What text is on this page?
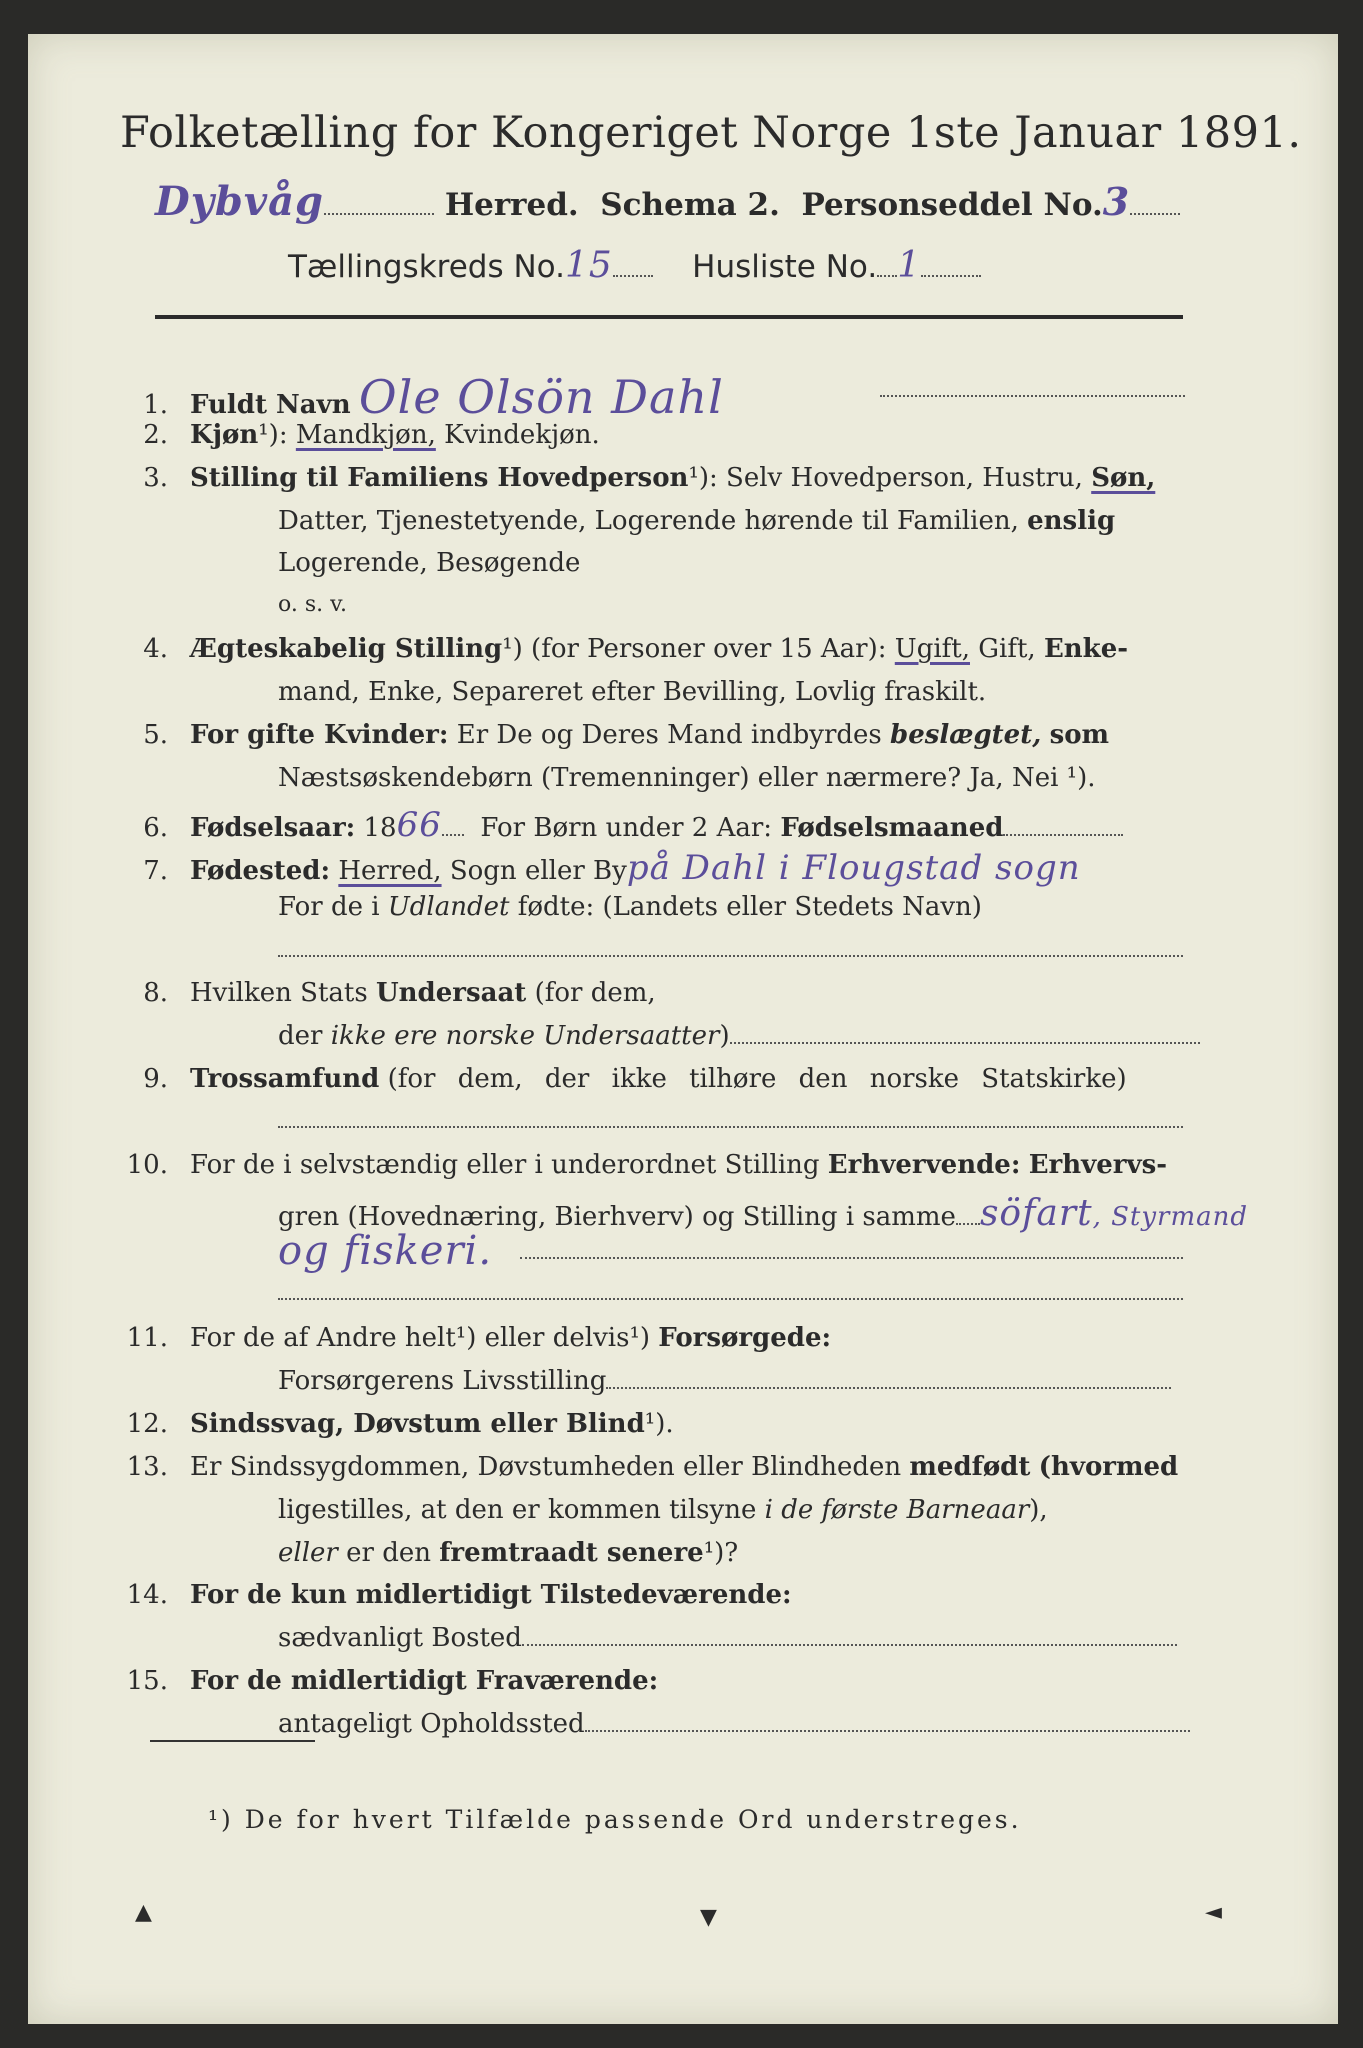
Folketælling for Kongeriget Norge 1ste Januar 1891.
Dybvåg	Herred. Schema 2. Personseddel No.3
Tællingskreds No.15	Husliste No. 1
1. Fuldt Navn Ole Olsön Dahl
2. Kjøn¹): Mandkjøn, Kvindekjøn.
3. Stilling til Familiens Hovedperson¹): Selv Hovedperson, Hustru, Søn,
Datter, Tjenestetyende, Logerende hørende til Familien, enslig
Logerende, Besøgende
o. s. v.
4. Ægteskabelig Stilling¹) (for Personer over 15 Aar): Ugift, Gift, Enke-
mand, Enke, Separeret efter Bevilling, Lovlig fraskilt.
5. For gifte Kvinder: Er De og Deres Mand indbyrdes beslægtet, som
Næstsøskendebørn (Tremenninger) eller nærmere? Ja, Nei ¹).
6. Fødselsaar: 1866 For Børn under 2 Aar: Fødselsmaaned
7. Fødested: Herred, Sogn eller Bypå Dahl i Flougstad sogn
For de i Udlandet fødte: (Landets eller Stedets Navn)
8. Hvilken Stats Undersaat (for dem,
der ikke ere norske Undersaatter)
9. Trossamfund (for dem, der ikke tilhøre den norske Statskirke)
10. For de i selvstændig eller i underordnet Stilling Erhvervende: Erhvervs-
gren (Hovednæring, Bierhverv) og Stilling i samme söfart, Styrmand
og fiskeri.
11. For de af Andre helt¹) eller delvis¹) Forsørgede:
Forsørgerens Livsstilling
12. Sindssvag, Døvstum eller Blind¹).
13. Er Sindssygdommen, Døvstumheden eller Blindheden medfødt (hvormed
ligestilles, at den er kommen tilsyne i de første Barneaar),
eller er den fremtraadt senere¹)?
14. For de kun midlertidigt Tilstedeværende:
sædvanligt Bosted
15. For de midlertidigt Fraværende:
antageligt Opholdssted
¹) De for hvert Tilfælde passende Ord understreges.
▲	▼	◄
